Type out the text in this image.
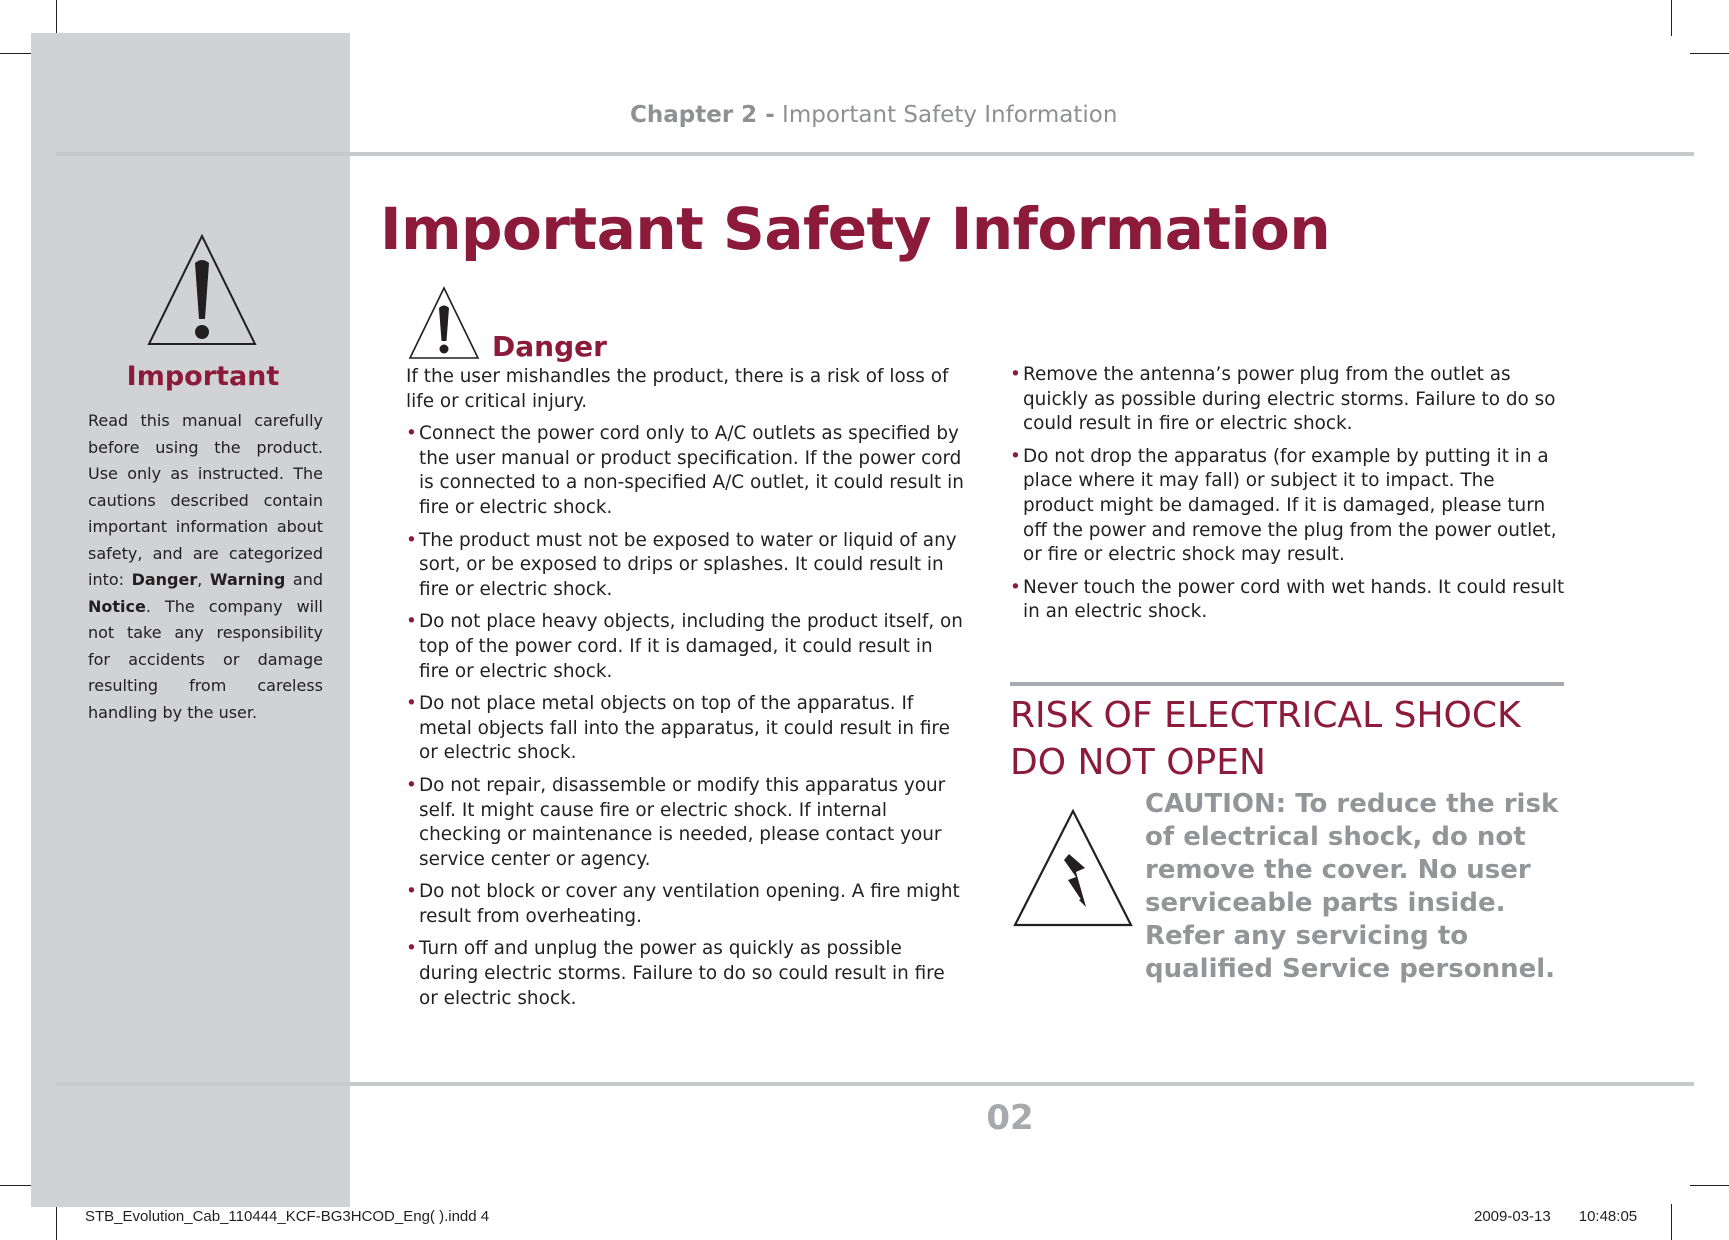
Chapter 2 - Important Safety Information
Important Safety Information
Important
Read this manual carefully before using the product. Use only as instructed. The cautions described contain important information about safety, and are categorized into: Danger, Warning and Notice. The company will not take any responsibility for accidents or damage resulting from careless handling by the user.
Danger

If the user mishandles the product, there is a risk of loss of life or critical injury.

• Connect the power cord only to A/C outlets as specified by the user manual or product specification. If the power cord is connected to a non-specified A/C outlet, it could result in fire or electric shock.
• The product must not be exposed to water or liquid of any sort, or be exposed to drips or splashes. It could result in fire or electric shock.
• Do not place heavy objects, including the product itself, on top of the power cord. If it is damaged, it could result in fire or electric shock.
• Do not place metal objects on top of the apparatus. If metal objects fall into the apparatus, it could result in fire or electric shock.
• Do not repair, disassemble or modify this apparatus your self. It might cause fire or electric shock. If internal checking or maintenance is needed, please contact your service center or agency.
• Do not block or cover any ventilation opening. A fire might result from overheating.
• Turn off and unplug the power as quickly as possible during electric storms. Failure to do so could result in fire or electric shock.
• Remove the antenna’s power plug from the outlet as quickly as possible during electric storms. Failure to do so could result in fire or electric shock.
• Do not drop the apparatus (for example by putting it in a place where it may fall) or subject it to impact. The product might be damaged. If it is damaged, please turn off the power and remove the plug from the power outlet, or fire or electric shock may result.
• Never touch the power cord with wet hands. It could result in an electric shock.
RISK OF ELECTRICAL SHOCK
DO NOT OPEN
CAUTION: To reduce the risk of electrical shock, do not remove the cover. No user serviceable parts inside. Refer any servicing to qualified Service personnel.
02
STB_Evolution_Cab_110444_KCF-BG3HCOD_Eng( ).indd 4	2009-03-13 10:48:05
